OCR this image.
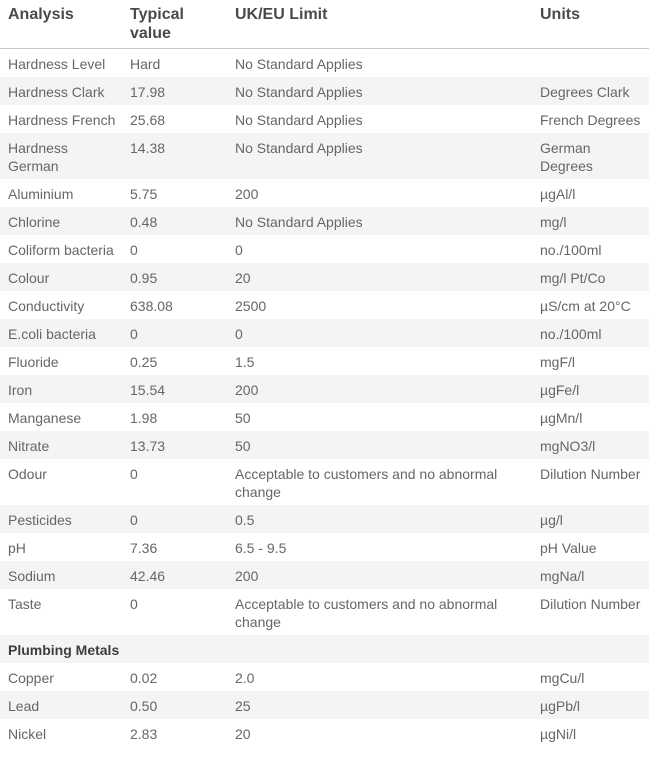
Analysis	Typical value	UK/EU Limit	Units
Hardness Level	Hard	No Standard Applies	
Hardness Clark	17.98	No Standard Applies	Degrees Clark
Hardness French	25.68	No Standard Applies	French Degrees
Hardness German	14.38	No Standard Applies	German Degrees
Aluminium	5.75	200	µgAl/l
Chlorine	0.48	No Standard Applies	mg/l
Coliform bacteria	0	0	no./100ml
Colour	0.95	20	mg/l Pt/Co
Conductivity	638.08	2500	µS/cm at 20°C
E.coli bacteria	0	0	no./100ml
Fluoride	0.25	1.5	mgF/l
Iron	15.54	200	µgFe/l
Manganese	1.98	50	µgMn/l
Nitrate	13.73	50	mgNO3/l
Odour	0	Acceptable to customers and no abnormal change	Dilution Number
Pesticides	0	0.5	µg/l
pH	7.36	6.5 - 9.5	pH Value
Sodium	42.46	200	mgNa/l
Taste	0	Acceptable to customers and no abnormal change	Dilution Number
Plumbing Metals			
Copper	0.02	2.0	mgCu/l
Lead	0.50	25	µgPb/l
Nickel	2.83	20	µgNi/l
